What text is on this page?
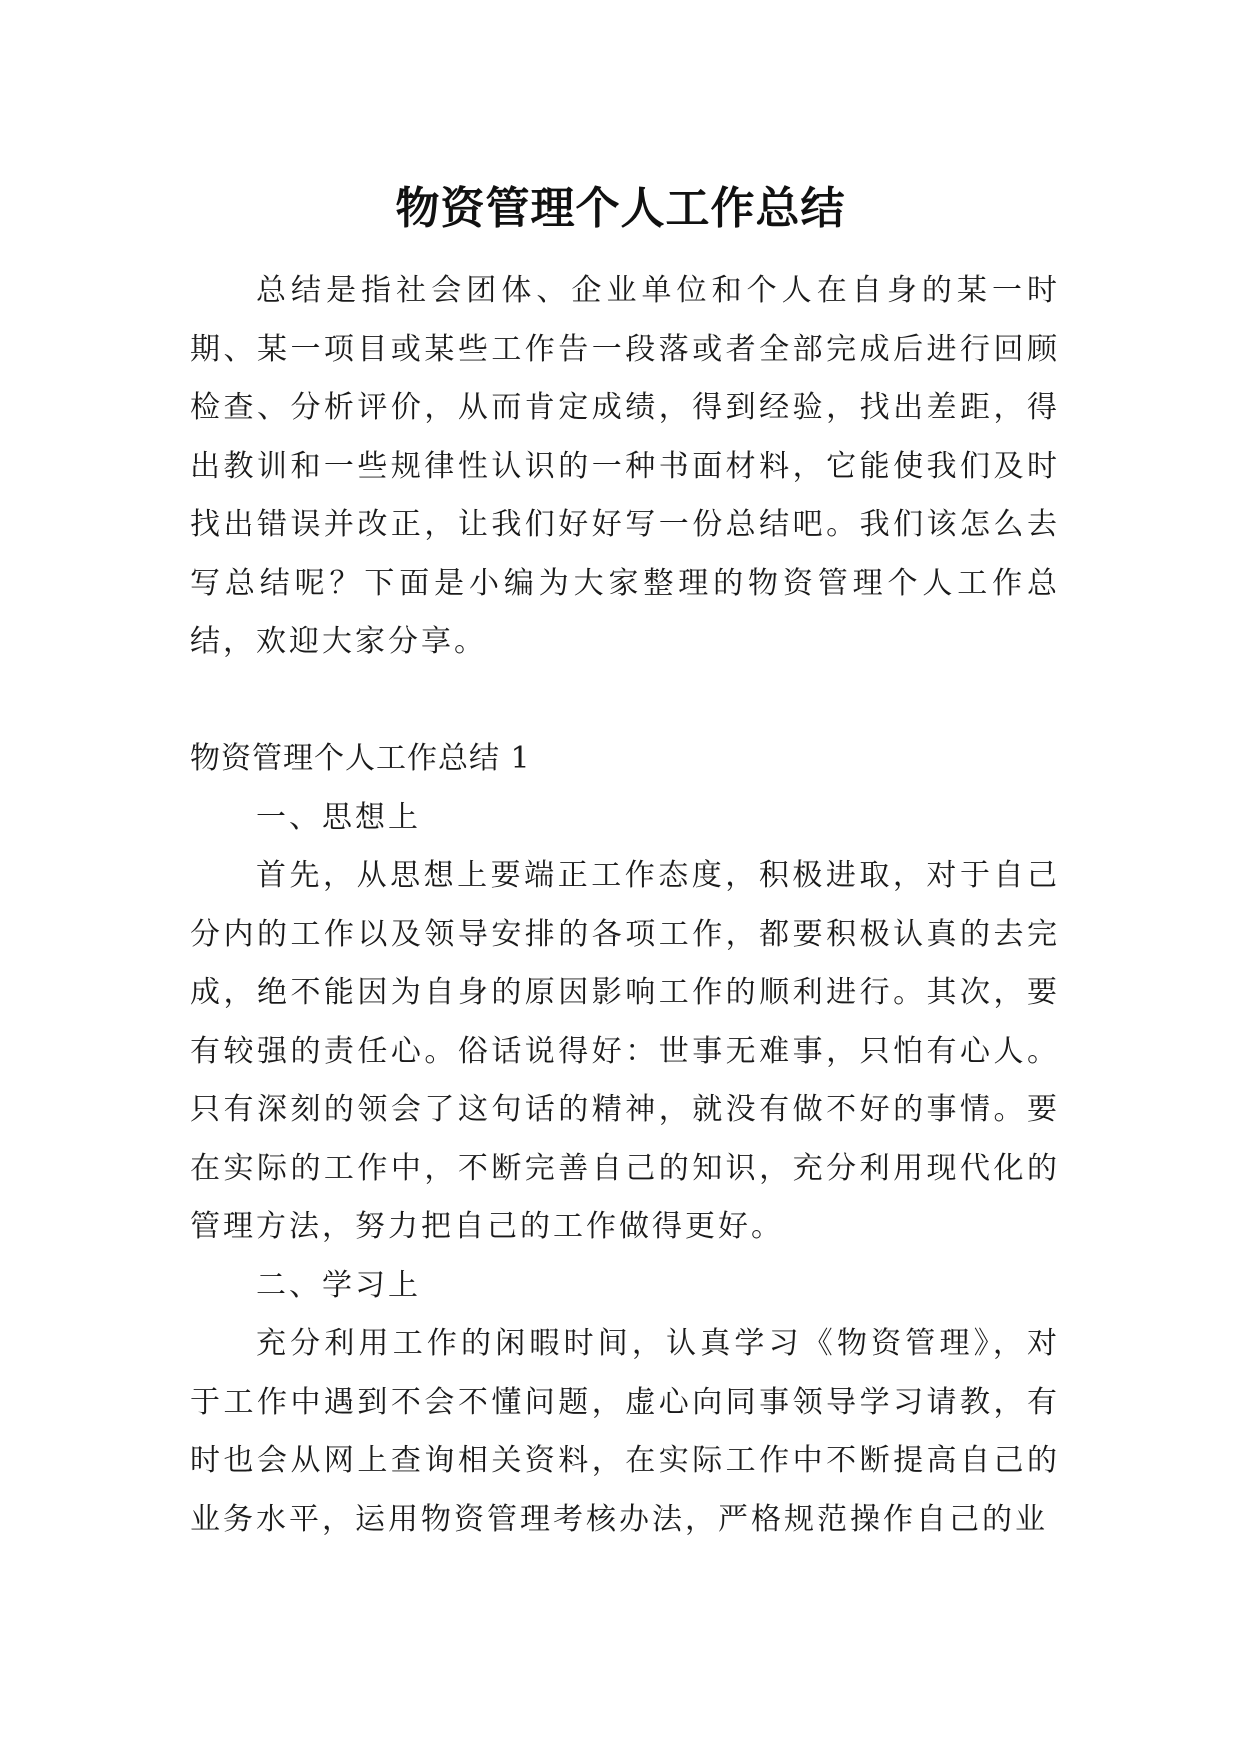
物资管理个人工作总结

总结是指社会团体、企业单位和个人在自身的某一时期、某一项目或某些工作告一段落或者全部完成后进行回顾检查、分析评价，从而肯定成绩，得到经验，找出差距，得出教训和一些规律性认识的一种书面材料，它能使我们及时找出错误并改正，让我们好好写一份总结吧。我们该怎么去写总结呢？下面是小编为大家整理的物资管理个人工作总结，欢迎大家分享。

物资管理个人工作总结 1

一、思想上

首先，从思想上要端正工作态度，积极进取，对于自己分内的工作以及领导安排的各项工作，都要积极认真的去完成，绝不能因为自身的原因影响工作的顺利进行。其次，要有较强的责任心。俗话说得好：世事无难事，只怕有心人。只有深刻的领会了这句话的精神，就没有做不好的事情。要在实际的工作中，不断完善自己的知识，充分利用现代化的管理方法，努力把自己的工作做得更好。

二、学习上

充分利用工作的闲暇时间，认真学习《物资管理》，对于工作中遇到不会不懂问题，虚心向同事领导学习请教，有时也会从网上查询相关资料，在实际工作中不断提高自己的业务水平，运用物资管理考核办法，严格规范操作自己的业
